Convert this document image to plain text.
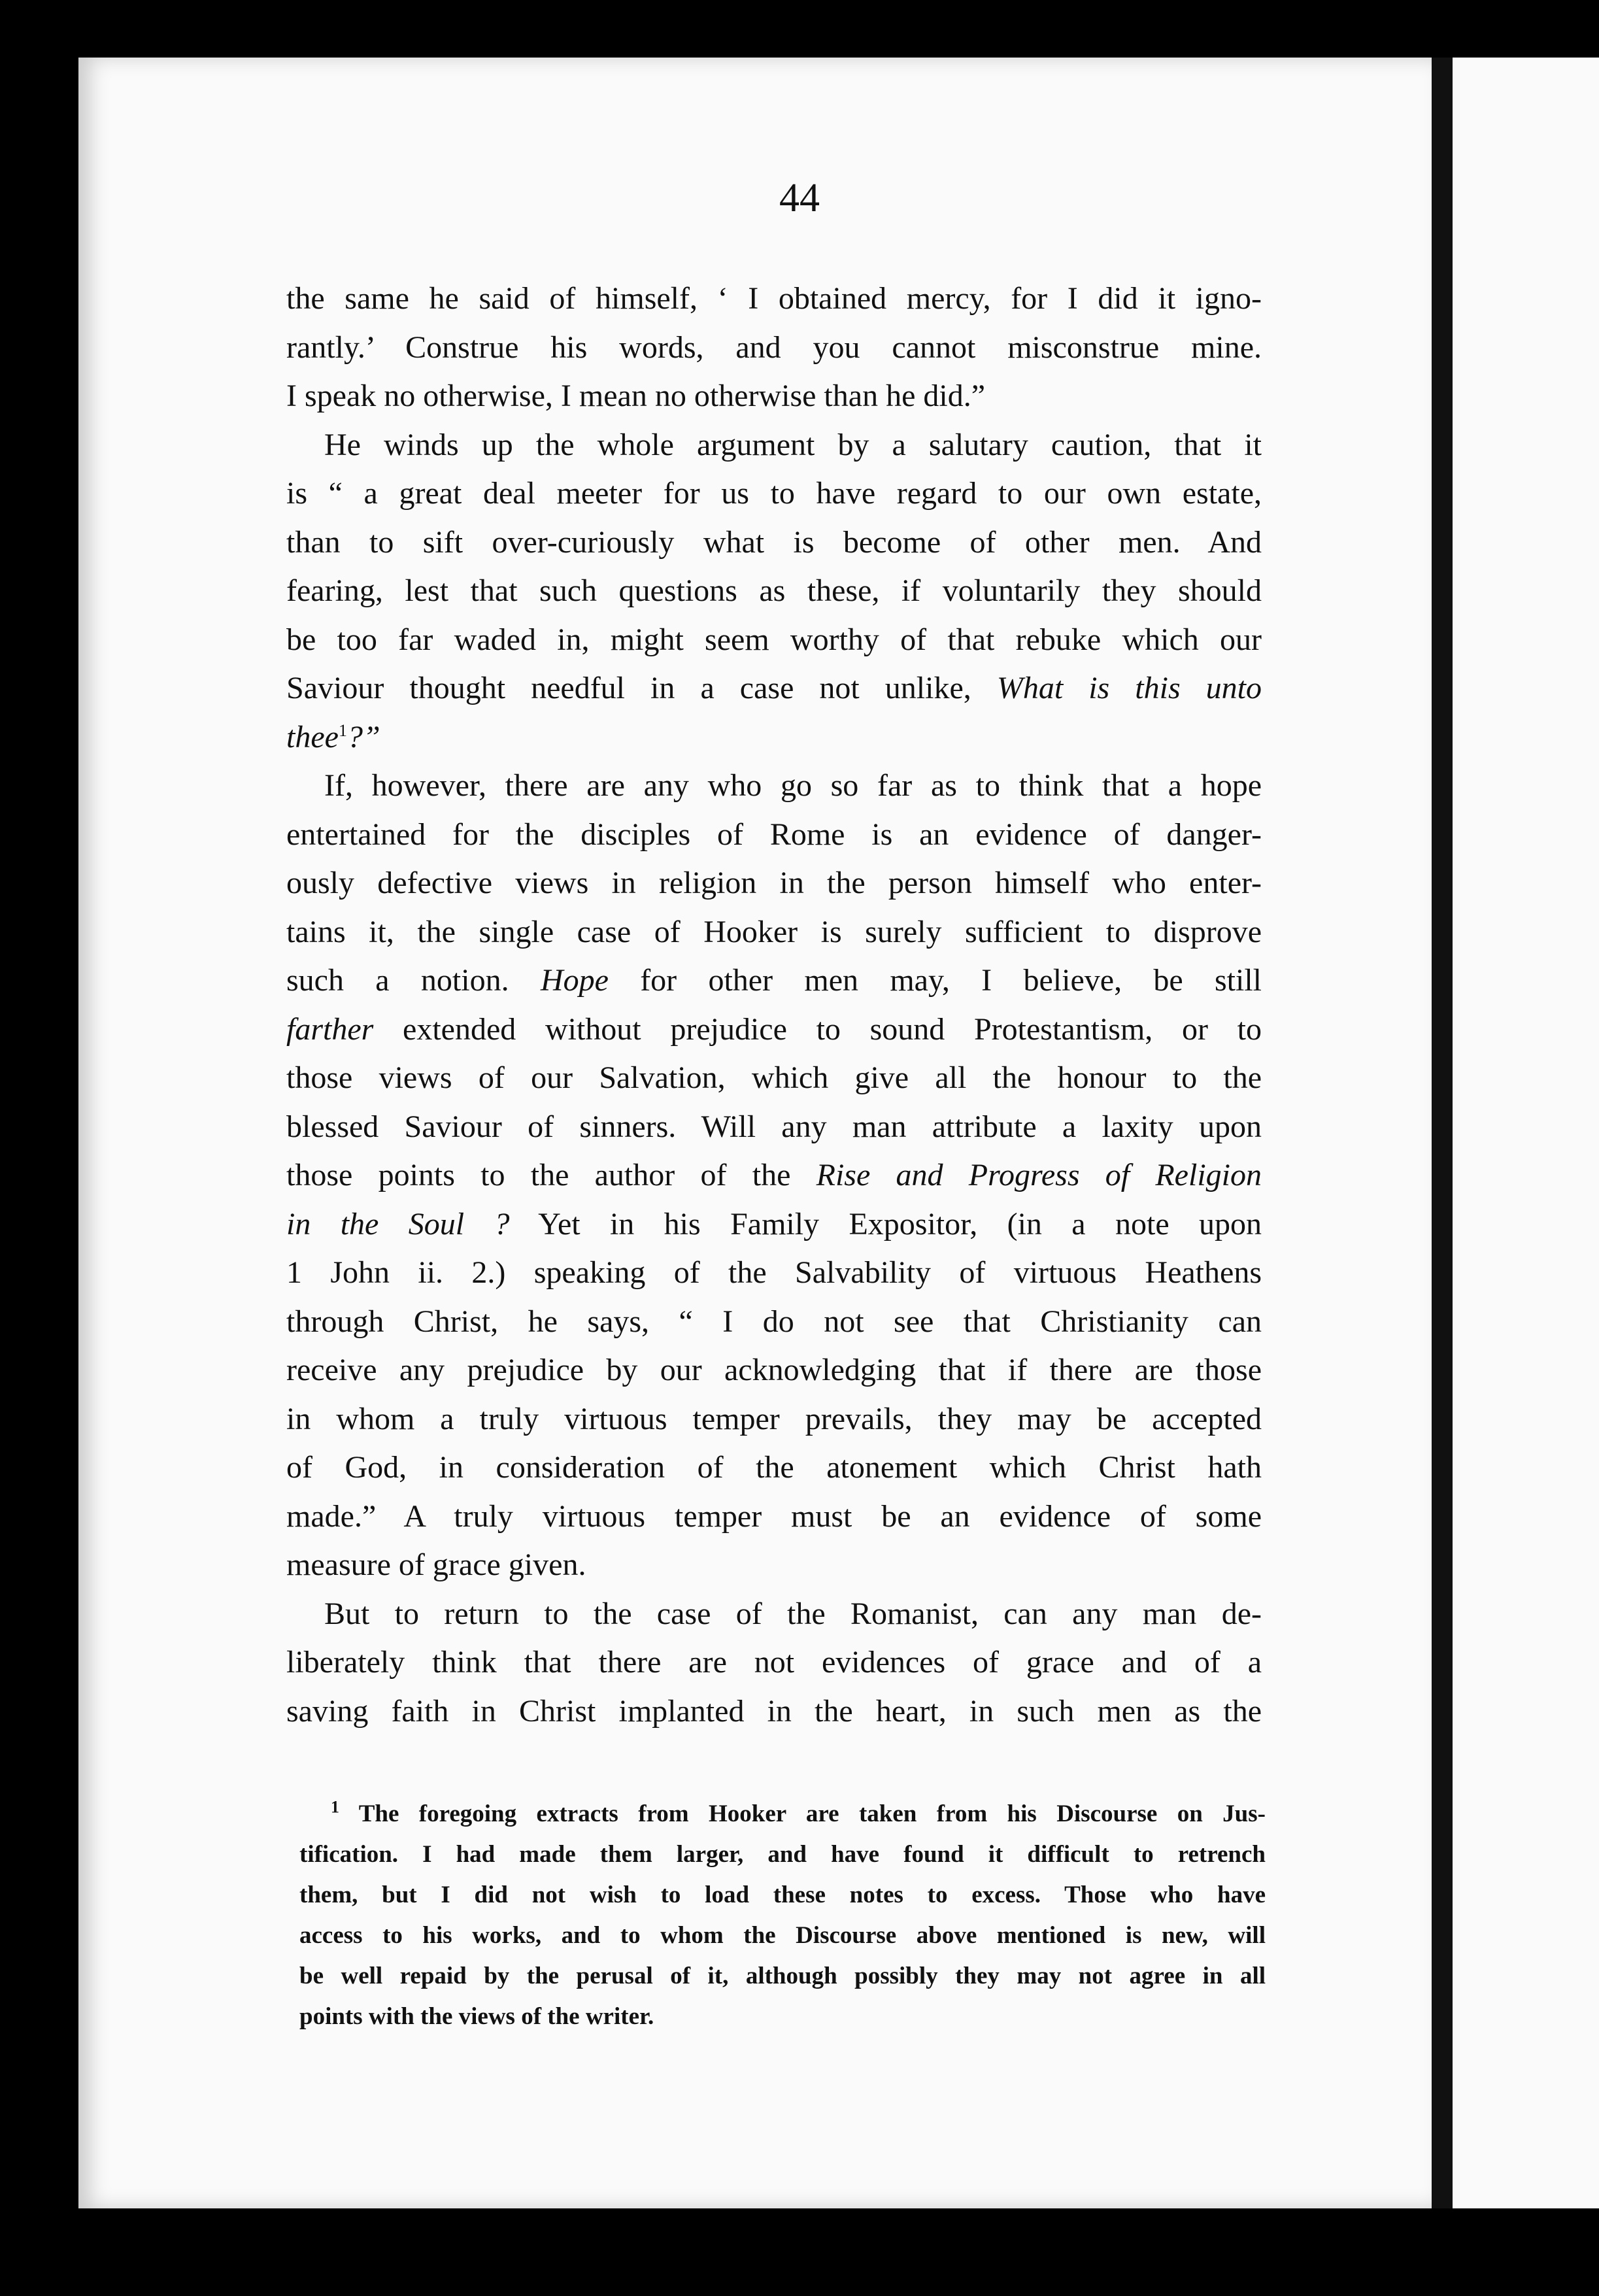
44
the same he said of himself, ‘ I obtained mercy, for I did it igno-
rantly.’ Construe his words, and you cannot misconstrue mine.
I speak no otherwise, I mean no otherwise than he did.”
He winds up the whole argument by a salutary caution, that it
is “ a great deal meeter for us to have regard to our own estate,
than to sift over-curiously what is become of other men. And
fearing, lest that such questions as these, if voluntarily they should
be too far waded in, might seem worthy of that rebuke which our
Saviour thought needful in a case not unlike, What is this unto
thee$^1$?”
If, however, there are any who go so far as to think that a hope
entertained for the disciples of Rome is an evidence of danger-
ously defective views in religion in the person himself who enter-
tains it, the single case of Hooker is surely sufficient to disprove
such a notion. Hope for other men may, I believe, be still
farther extended without prejudice to sound Protestantism, or to
those views of our Salvation, which give all the honour to the
blessed Saviour of sinners. Will any man attribute a laxity upon
those points to the author of the Rise and Progress of Religion
in the Soul ? Yet in his Family Expositor, (in a note upon
1 John ii. 2.) speaking of the Salvability of virtuous Heathens
through Christ, he says, “ I do not see that Christianity can
receive any prejudice by our acknowledging that if there are those
in whom a truly virtuous temper prevails, they may be accepted
of God, in consideration of the atonement which Christ hath
made.” A truly virtuous temper must be an evidence of some
measure of grace given.
But to return to the case of the Romanist, can any man de-
liberately think that there are not evidences of grace and of a
saving faith in Christ implanted in the heart, in such men as the
$^1$ The foregoing extracts from Hooker are taken from his Discourse on Jus-
tification. I had made them larger, and have found it difficult to retrench
them, but I did not wish to load these notes to excess. Those who have
access to his works, and to whom the Discourse above mentioned is new, will
be well repaid by the perusal of it, although possibly they may not agree in all
points with the views of the writer.
